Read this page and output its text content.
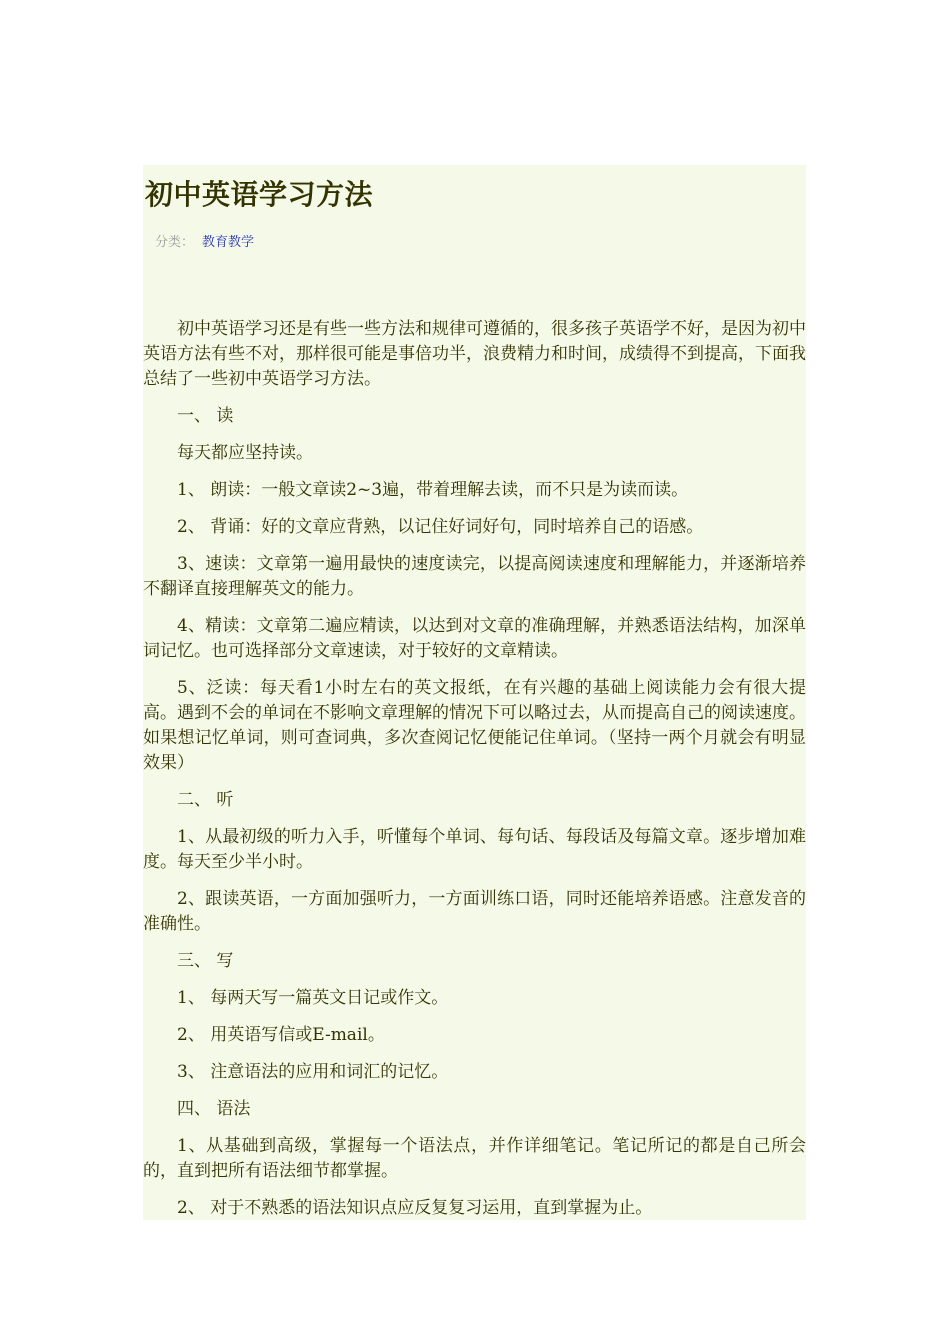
初中英语学习方法
分类： 教育教学

初中英语学习还是有些一些方法和规律可遵循的，很多孩子英语学不好，是因为初中英语方法有些不对，那样很可能是事倍功半，浪费精力和时间，成绩得不到提高，下面我总结了一些初中英语学习方法。

一、 读

每天都应坚持读。

1、 朗读：一般文章读2~3遍，带着理解去读，而不只是为读而读。

2、 背诵：好的文章应背熟，以记住好词好句，同时培养自己的语感。

3、速读：文章第一遍用最快的速度读完，以提高阅读速度和理解能力，并逐渐培养不翻译直接理解英文的能力。

4、精读：文章第二遍应精读，以达到对文章的准确理解，并熟悉语法结构，加深单词记忆。也可选择部分文章速读，对于较好的文章精读。

5、泛读：每天看1小时左右的英文报纸，在有兴趣的基础上阅读能力会有很大提高。遇到不会的单词在不影响文章理解的情况下可以略过去，从而提高自己的阅读速度。如果想记忆单词，则可查词典，多次查阅记忆便能记住单词。（坚持一两个月就会有明显效果）

二、 听

1、从最初级的听力入手，听懂每个单词、每句话、每段话及每篇文章。逐步增加难度。每天至少半小时。

2、跟读英语，一方面加强听力，一方面训练口语，同时还能培养语感。注意发音的准确性。

三、 写

1、 每两天写一篇英文日记或作文。

2、 用英语写信或E-mail。

3、 注意语法的应用和词汇的记忆。

四、 语法

1、从基础到高级，掌握每一个语法点，并作详细笔记。笔记所记的都是自己所会的，直到把所有语法细节都掌握。

2、 对于不熟悉的语法知识点应反复复习运用，直到掌握为止。
